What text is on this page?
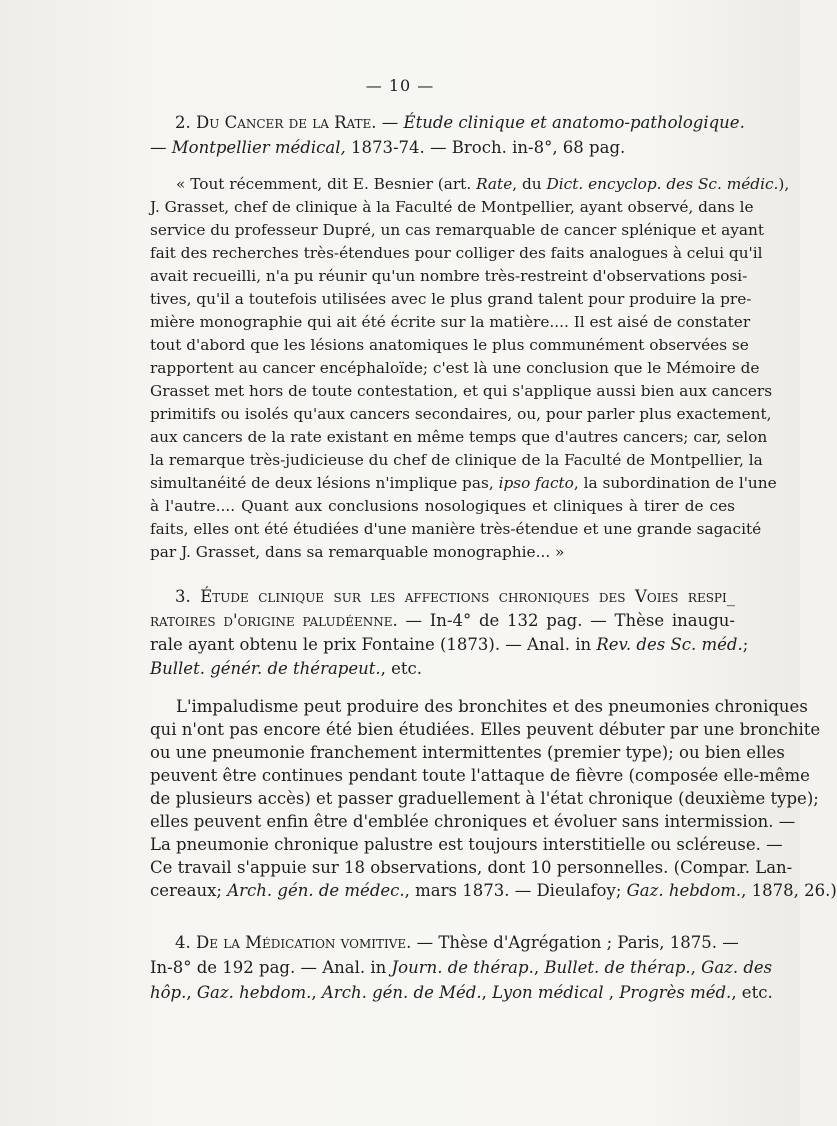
— 10 —
2. Du Cancer de la Rate. — Étude clinique et anatomo-pathologique.
— Montpellier médical, 1873-74. — Broch. in-8°, 68 pag.
« Tout récemment, dit E. Besnier (art. Rate, du Dict. encyclop. des Sc. médic.),
J. Grasset, chef de clinique à la Faculté de Montpellier, ayant observé, dans le
service du professeur Dupré, un cas remarquable de cancer splénique et ayant
fait des recherches très-étendues pour colliger des faits analogues à celui qu'il
avait recueilli, n'a pu réunir qu'un nombre très-restreint d'observations posi-
tives, qu'il a toutefois utilisées avec le plus grand talent pour produire la pre-
mière monographie qui ait été écrite sur la matière.... Il est aisé de constater
tout d'abord que les lésions anatomiques le plus communément observées se
rapportent au cancer encéphaloïde; c'est là une conclusion que le Mémoire de
Grasset met hors de toute contestation, et qui s'applique aussi bien aux cancers
primitifs ou isolés qu'aux cancers secondaires, ou, pour parler plus exactement,
aux cancers de la rate existant en même temps que d'autres cancers; car, selon
la remarque très-judicieuse du chef de clinique de la Faculté de Montpellier, la
simultanéité de deux lésions n'implique pas, ipso facto, la subordination de l'une
à l'autre.... Quant aux conclusions nosologiques et cliniques à tirer de ces
faits, elles ont été étudiées d'une manière très-étendue et une grande sagacité
par J. Grasset, dans sa remarquable monographie... »
3. Étude clinique sur les affections chroniques des Voies respi_
ratoires d'origine paludéenne. — In-4° de 132 pag. — Thèse inaugu-
rale ayant obtenu le prix Fontaine (1873). — Anal. in Rev. des Sc. méd.;
Bullet. génér. de thérapeut., etc.
L'impaludisme peut produire des bronchites et des pneumonies chroniques
qui n'ont pas encore été bien étudiées. Elles peuvent débuter par une bronchite
ou une pneumonie franchement intermittentes (premier type); ou bien elles
peuvent être continues pendant toute l'attaque de fièvre (composée elle-même
de plusieurs accès) et passer graduellement à l'état chronique (deuxième type);
elles peuvent enfin être d'emblée chroniques et évoluer sans intermission. —
La pneumonie chronique palustre est toujours interstitielle ou scléreuse. —
Ce travail s'appuie sur 18 observations, dont 10 personnelles. (Compar. Lan-
cereaux; Arch. gén. de médec., mars 1873. — Dieulafoy; Gaz. hebdom., 1878, 26.)
4. De la Médication vomitive. — Thèse d'Agrégation ; Paris, 1875. —
In-8° de 192 pag. — Anal. in Journ. de thérap., Bullet. de thérap., Gaz. des
hôp., Gaz. hebdom., Arch. gén. de Méd., Lyon médical , Progrès méd., etc.
